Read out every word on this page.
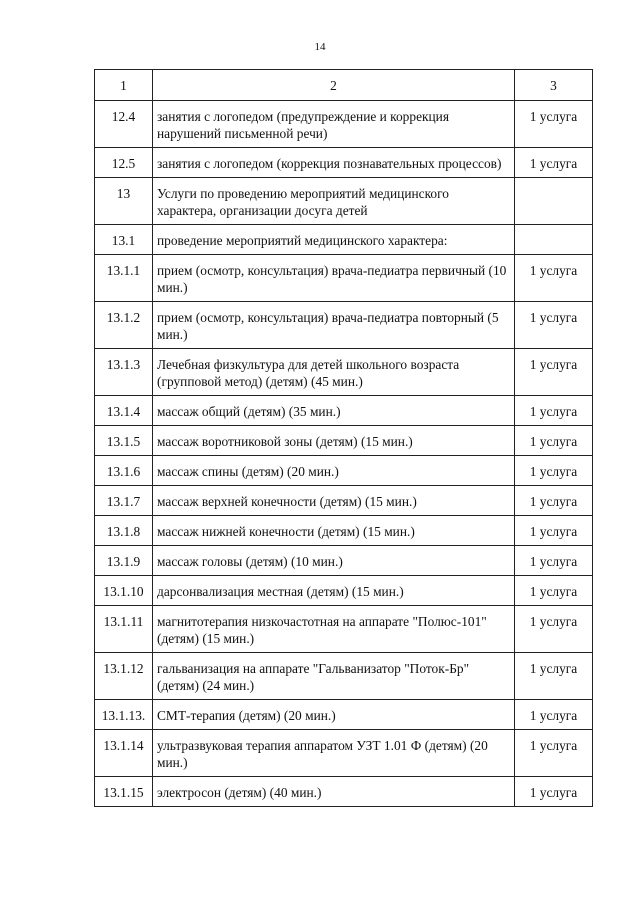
14
1	2	3
12.4	занятия с логопедом (предупреждение и коррекция нарушений письменной речи)	1 услуга
12.5	занятия с логопедом (коррекция познавательных процессов)	1 услуга
13	Услуги по проведению мероприятий медицинского характера, организации досуга детей	
13.1	проведение мероприятий медицинского характера:	
13.1.1	прием (осмотр, консультация) врача-педиатра первичный (10 мин.)	1 услуга
13.1.2	прием (осмотр, консультация) врача-педиатра повторный (5 мин.)	1 услуга
13.1.3	Лечебная физкультура для детей школьного возраста (групповой метод) (детям) (45 мин.)	1 услуга
13.1.4	массаж общий (детям) (35 мин.)	1 услуга
13.1.5	массаж воротниковой зоны (детям) (15 мин.)	1 услуга
13.1.6	массаж спины (детям) (20 мин.)	1 услуга
13.1.7	массаж верхней конечности (детям) (15 мин.)	1 услуга
13.1.8	массаж нижней конечности (детям) (15 мин.)	1 услуга
13.1.9	массаж головы (детям) (10 мин.)	1 услуга
13.1.10	дарсонвализация местная (детям) (15 мин.)	1 услуга
13.1.11	магнитотерапия низкочастотная на аппарате "Полюс-101" (детям) (15 мин.)	1 услуга
13.1.12	гальванизация на аппарате "Гальванизатор "Поток-Бр" (детям) (24 мин.)	1 услуга
13.1.13.	СМТ-терапия (детям) (20 мин.)	1 услуга
13.1.14	ультразвуковая терапия аппаратом УЗТ 1.01 Ф (детям) (20 мин.)	1 услуга
13.1.15	электросон (детям) (40 мин.)	1 услуга
